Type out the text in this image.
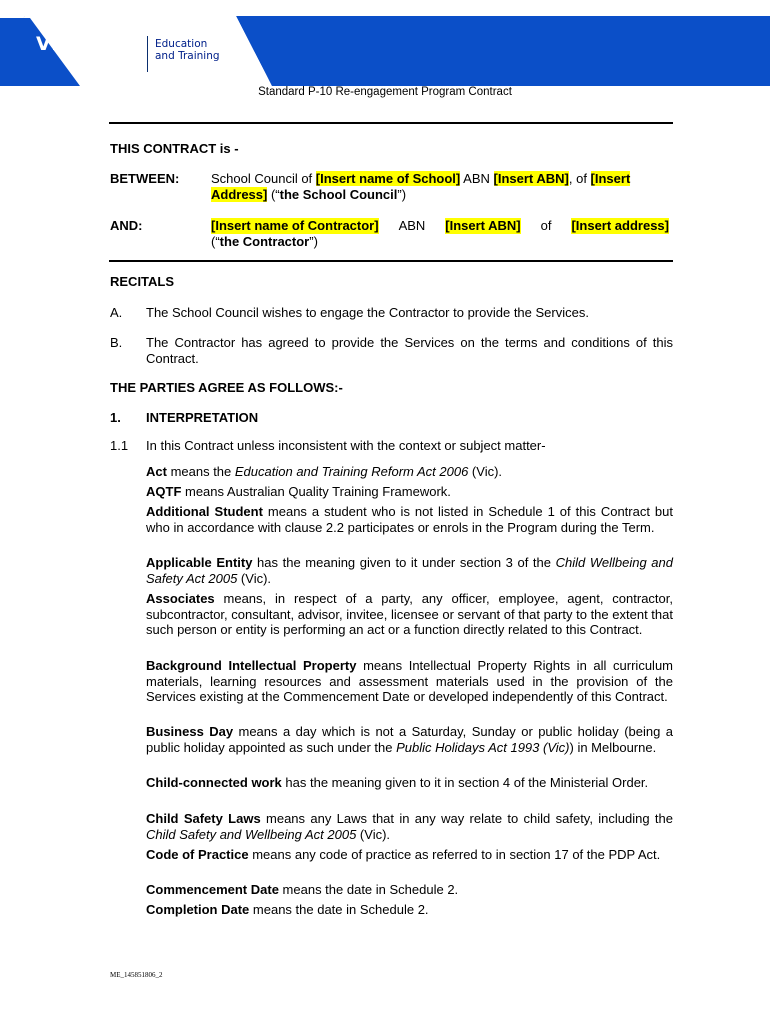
VICTORIA
State
Government
Education
and Training
Standard P-10 Re-engagement Program Contract
THIS CONTRACT is -
BETWEEN: School Council of [Insert name of School] ABN [Insert ABN], of [Insert
Address] (“the School Council”)
AND:	[Insert name of Contractor] ABN [Insert ABN] of [Insert address]
(“the Contractor”)
RECITALS
A. The School Council wishes to engage the Contractor to provide the Services.
B. The Contractor has agreed to provide the Services on the terms and conditions of this Contract.
THE PARTIES AGREE AS FOLLOWS:-
1. INTERPRETATION
1.1 In this Contract unless inconsistent with the context or subject matter-
Act means the Education and Training Reform Act 2006 (Vic).
AQTF means Australian Quality Training Framework.
Additional Student means a student who is not listed in Schedule 1 of this Contract but who in accordance with clause 2.2 participates or enrols in the Program during the Term.
Applicable Entity has the meaning given to it under section 3 of the Child Wellbeing and Safety Act 2005 (Vic).
Associates means, in respect of a party, any officer, employee, agent, contractor, subcontractor, consultant, advisor, invitee, licensee or servant of that party to the extent that such person or entity is performing an act or a function directly related to this Contract.
Background Intellectual Property means Intellectual Property Rights in all curriculum materials, learning resources and assessment materials used in the provision of the Services existing at the Commencement Date or developed independently of this Contract.
Business Day means a day which is not a Saturday, Sunday or public holiday (being a public holiday appointed as such under the Public Holidays Act 1993 (Vic)) in Melbourne.
Child-connected work has the meaning given to it in section 4 of the Ministerial Order.
Child Safety Laws means any Laws that in any way relate to child safety, including the Child Safety and Wellbeing Act 2005 (Vic).
Code of Practice means any code of practice as referred to in section 17 of the PDP Act.
Commencement Date means the date in Schedule 2.
Completion Date means the date in Schedule 2.
ME_145851806_2
